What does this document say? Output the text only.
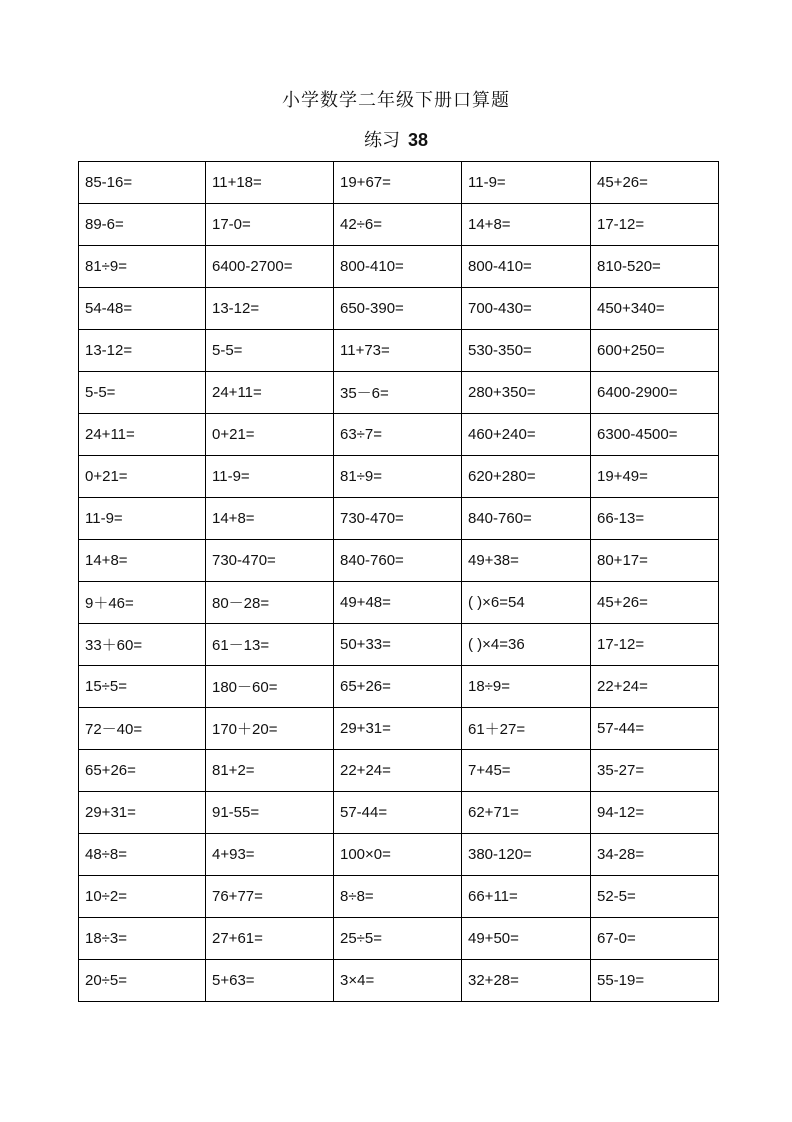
小学数学二年级下册口算题
练习 38
85-16=	11+18=	19+67=	11-9=	45+26=

89-6=	17-0=	42÷6=	14+8=	17-12=

81÷9=	6400-2700=	800-410=	800-410=	810-520=

54-48=	13-12=	650-390=	700-430=	450+340=

13-12=	5-5=	11+73=	530-350=	600+250=

5-5=	24+11=	35－6=	280+350=	6400-2900=

24+11=	0+21=	63÷7=	460+240=	6300-4500=

0+21=	11-9=	81÷9=	620+280=	19+49=

11-9=	14+8=	730-470=	840-760=	66-13=

14+8=	730-470=	840-760=	49+38=	80+17=

9＋46=	80－28=	49+48=	( )×6=54	45+26=

33＋60=	61－13=	50+33=	( )×4=36	17-12=

15÷5=	180－60=	65+26=	18÷9=	22+24=

72－40=	170＋20=	29+31=	61＋27=	57-44=

65+26=	81+2=	22+24=	7+45=	35-27=

29+31=	91-55=	57-44=	62+71=	94-12=

48÷8=	4+93=	100×0=	380-120=	34-28=

10÷2=	76+77=	8÷8=	66+11=	52-5=

18÷3=	27+61=	25÷5=	49+50=	67-0=

20÷5=	5+63=	3×4=	32+28=	55-19=
